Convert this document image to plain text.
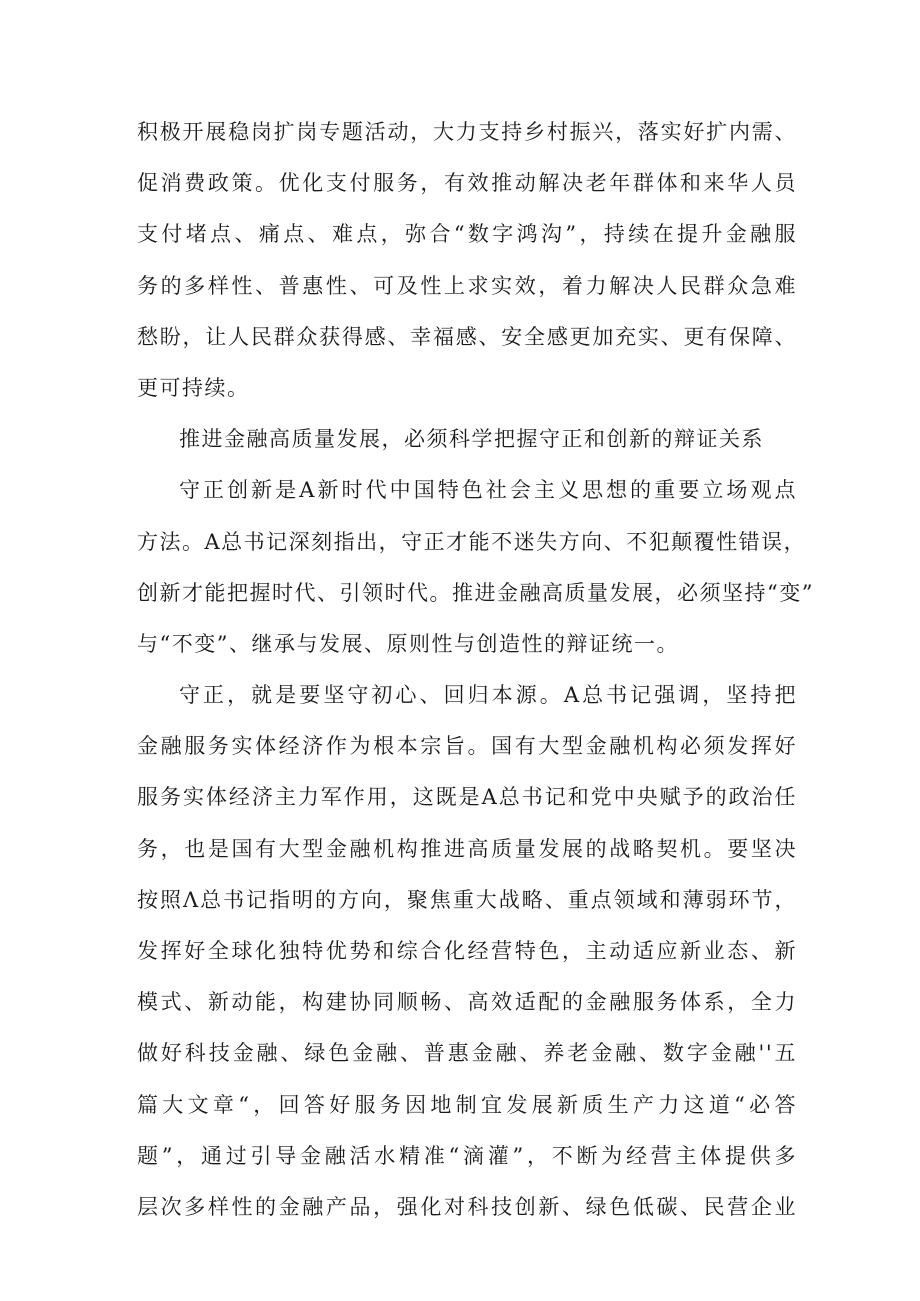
积极开展稳岗扩岗专题活动，大力支持乡村振兴，落实好扩内需、
促消费政策。优化支付服务，有效推动解决老年群体和来华人员
支付堵点、痛点、难点，弥合“数字鸿沟”，持续在提升金融服
务的多样性、普惠性、可及性上求实效，着力解决人民群众急难
愁盼，让人民群众获得感、幸福感、安全感更加充实、更有保障、
更可持续。
推进金融高质量发展，必须科学把握守正和创新的辩证关系
守正创新是A新时代中国特色社会主义思想的重要立场观点
方法。A总书记深刻指出，守正才能不迷失方向、不犯颠覆性错误，
创新才能把握时代、引领时代。推进金融高质量发展，必须坚持“变”
与“不变”、继承与发展、原则性与创造性的辩证统一。
守正，就是要坚守初心、回归本源。A总书记强调，坚持把
金融服务实体经济作为根本宗旨。国有大型金融机构必须发挥好
服务实体经济主力军作用，这既是A总书记和党中央赋予的政治任
务，也是国有大型金融机构推进高质量发展的战略契机。要坚决
按照Λ总书记指明的方向，聚焦重大战略、重点领域和薄弱环节，
发挥好全球化独特优势和综合化经营特色，主动适应新业态、新
模式、新动能，构建协同顺畅、高效适配的金融服务体系，全力
做好科技金融、绿色金融、普惠金融、养老金融、数字金融''五
篇大文章“，回答好服务因地制宜发展新质生产力这道“必答
题”，通过引导金融活水精准“滴灌”，不断为经营主体提供多
层次多样性的金融产品，强化对科技创新、绿色低碳、民营企业
